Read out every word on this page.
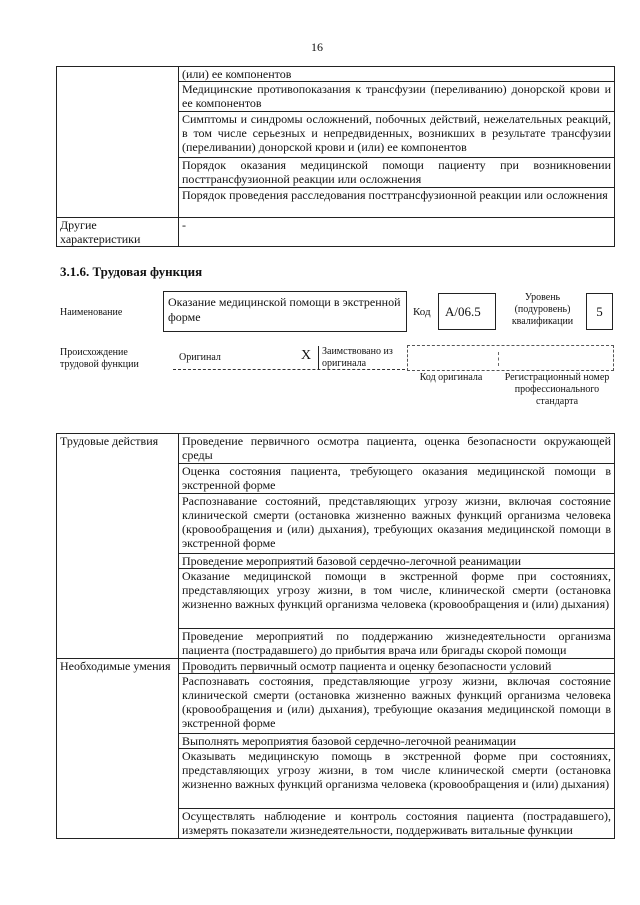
16
	(или) ее компонентов
	Медицинские противопоказания к трансфузии (переливанию) донорской крови и ее компонентов
	Симптомы и синдромы осложнений, побочных действий, нежелательных реакций, в том числе серьезных и непредвиденных, возникших в результате трансфузии (переливании) донорской крови и (или) ее компонентов
	Порядок оказания медицинской помощи пациенту при возникновении посттрансфузионной реакции или осложнения
	Порядок проведения расследования посттрансфузионной реакции или осложнения
Другие характеристики	-
3.1.6. Трудовая функция
Наименование
Оказание медицинской помощи в экстренной форме	Код	A/06.5
Уровень (подуровень) квалификации
5
Происхождение трудовой функции
Оригинал	X Заимствовано из оригинала
Код оригинала	Регистрационный номер профессионального стандарта
Трудовые действия	Проведение первичного осмотра пациента, оценка безопасности окружающей среды
	Оценка состояния пациента, требующего оказания медицинской помощи в экстренной форме
	Распознавание состояний, представляющих угрозу жизни, включая состояние клинической смерти (остановка жизненно важных функций организма человека (кровообращения и (или) дыхания), требующих оказания медицинской помощи в экстренной форме
	Проведение мероприятий базовой сердечно-легочной реанимации
	Оказание медицинской помощи в экстренной форме при состояниях, представляющих угрозу жизни, в том числе, клинической смерти (остановка жизненно важных функций организма человека (кровообращения и (или) дыхания)
	Проведение мероприятий по поддержанию жизнедеятельности организма пациента (пострадавшего) до прибытия врача или бригады скорой помощи
Необходимые умения	Проводить первичный осмотр пациента и оценку безопасности условий
	Распознавать состояния, представляющие угрозу жизни, включая состояние клинической смерти (остановка жизненно важных функций организма человека (кровообращения и (или) дыхания), требующие оказания медицинской помощи в экстренной форме
	Выполнять мероприятия базовой сердечно-легочной реанимации
	Оказывать медицинскую помощь в экстренной форме при состояниях, представляющих угрозу жизни, в том числе клинической смерти (остановка жизненно важных функций организма человека (кровообращения и (или) дыхания)
	Осуществлять наблюдение и контроль состояния пациента (пострадавшего), измерять показатели жизнедеятельности, поддерживать витальные функции
